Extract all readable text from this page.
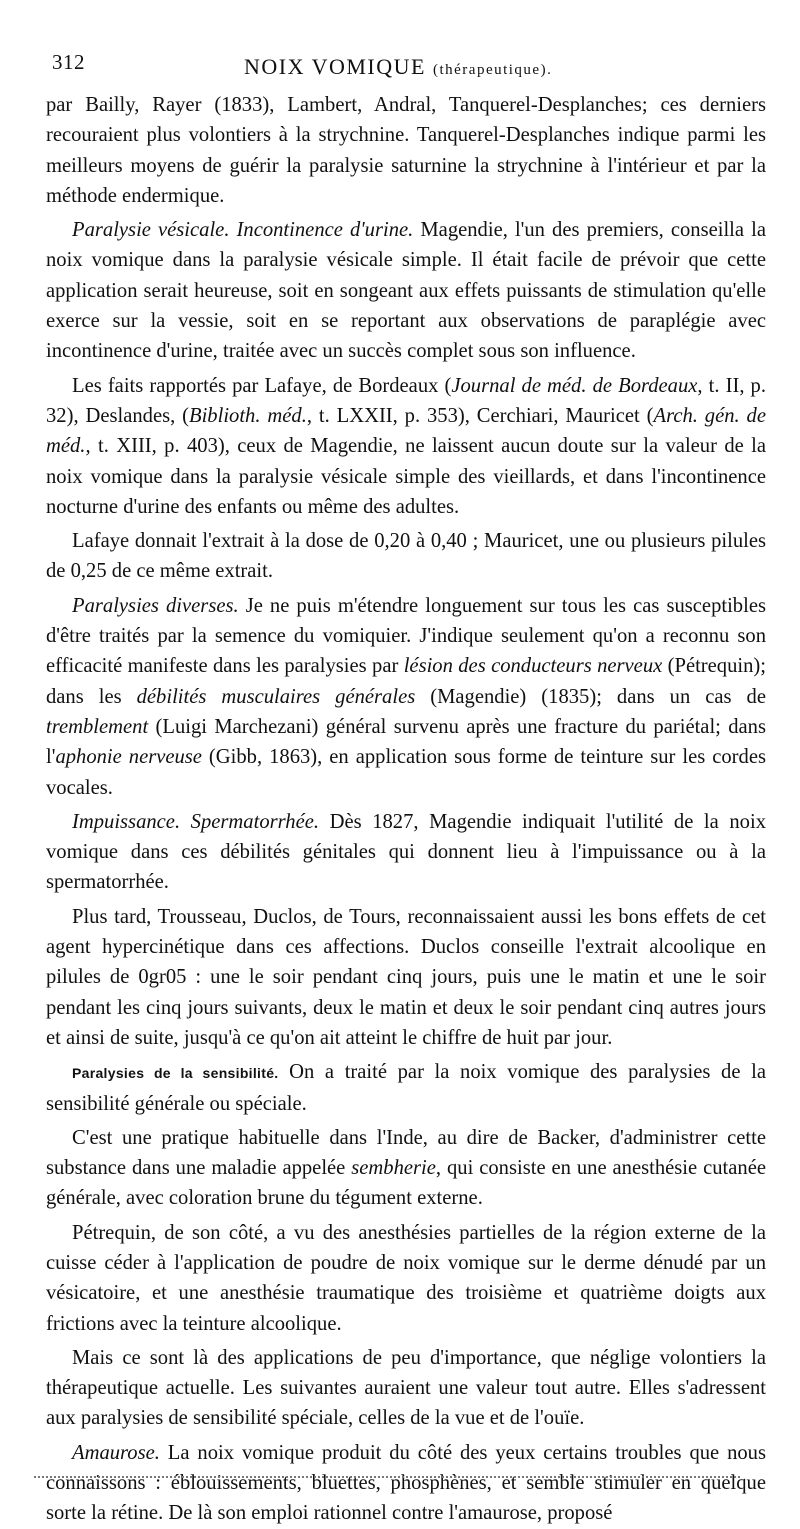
312	NOIX VOMIQUE (thérapeutique).

par Bailly, Rayer (1833), Lambert, Andral, Tanquerel-Desplanches; ces derniers recouraient plus volontiers à la strychnine. Tanquerel-Desplanches indique parmi les meilleurs moyens de guérir la paralysie saturnine la strychnine à l'intérieur et par la méthode endermique.

Paralysie vésicale. Incontinence d'urine. Magendie, l'un des premiers, conseilla la noix vomique dans la paralysie vésicale simple. Il était facile de prévoir que cette application serait heureuse, soit en songeant aux effets puissants de stimulation qu'elle exerce sur la vessie, soit en se reportant aux observations de paraplégie avec incontinence d'urine, traitée avec un succès complet sous son influence.

Les faits rapportés par Lafaye, de Bordeaux (Journal de méd. de Bordeaux, t. II, p. 32), Deslandes, (Biblioth. méd., t. LXXII, p. 353), Cerchiari, Mauricet (Arch. gén. de méd., t. XIII, p. 403), ceux de Magendie, ne laissent aucun doute sur la valeur de la noix vomique dans la paralysie vésicale simple des vieillards, et dans l'incontinence nocturne d'urine des enfants ou même des adultes.

Lafaye donnait l'extrait à la dose de 0,20 à 0,40 ; Mauricet, une ou plusieurs pilules de 0,25 de ce même extrait.

Paralysies diverses. Je ne puis m'étendre longuement sur tous les cas susceptibles d'être traités par la semence du vomiquier. J'indique seulement qu'on a reconnu son efficacité manifeste dans les paralysies par lésion des conducteurs nerveux (Pétrequin); dans les débilités musculaires générales (Magendie) (1835); dans un cas de tremblement (Luigi Marchezani) général survenu après une fracture du pariétal; dans l'aphonie nerveuse (Gibb, 1863), en application sous forme de teinture sur les cordes vocales.

Impuissance. Spermatorrhée. Dès 1827, Magendie indiquait l'utilité de la noix vomique dans ces débilités génitales qui donnent lieu à l'impuissance ou à la spermatorrhée.

Plus tard, Trousseau, Duclos, de Tours, reconnaissaient aussi les bons effets de cet agent hypercinétique dans ces affections. Duclos conseille l'extrait alcoolique en pilules de 0gr05 : une le soir pendant cinq jours, puis une le matin et une le soir pendant les cinq jours suivants, deux le matin et deux le soir pendant cinq autres jours et ainsi de suite, jusqu'à ce qu'on ait atteint le chiffre de huit par jour.

Paralysies de la sensibilité. On a traité par la noix vomique des paralysies de la sensibilité générale ou spéciale.

C'est une pratique habituelle dans l'Inde, au dire de Backer, d'administrer cette substance dans une maladie appelée sembherie, qui consiste en une anesthésie cutanée générale, avec coloration brune du tégument externe.

Pétrequin, de son côté, a vu des anesthésies partielles de la région externe de la cuisse céder à l'application de poudre de noix vomique sur le derme dénudé par un vésicatoire, et une anesthésie traumatique des troisième et quatrième doigts aux frictions avec la teinture alcoolique.

Mais ce sont là des applications de peu d'importance, que néglige volontiers la thérapeutique actuelle. Les suivantes auraient une valeur tout autre. Elles s'adressent aux paralysies de sensibilité spéciale, celles de la vue et de l'ouïe.

Amaurose. La noix vomique produit du côté des yeux certains troubles que nous connaissons : éblouissements, bluettes, phosphènes, et semble stimuler en quelque sorte la rétine. De là son emploi rationnel contre l'amaurose, proposé
